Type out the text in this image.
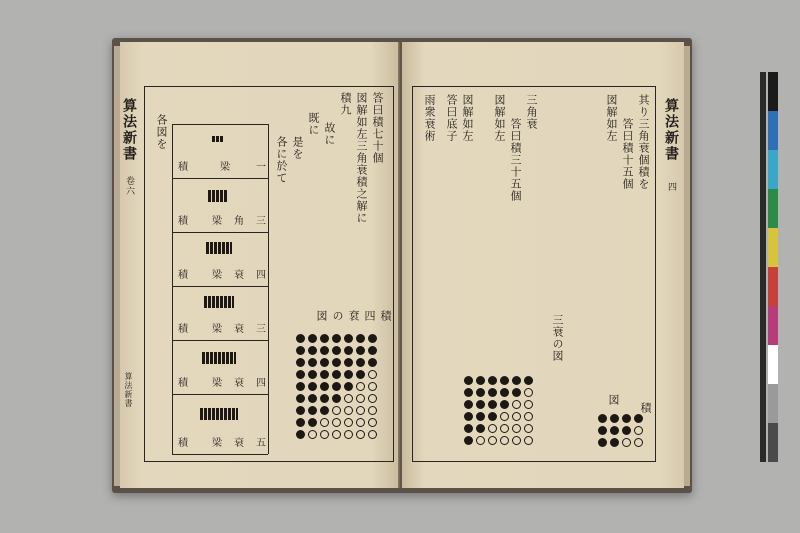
算法新書
卷六
算法新書
答曰積七十個
図解如左三角衰積之解に
積九
故に
既に
是を
各に於て
各図を
積	梁	一
積 梁 角 三
積 梁 衰 四
積 梁 衰 三
積 梁 衰 四
積 梁 衰 五
積
四
袞
の
図
算法新書
四
其り三角衰個積を
答曰積十五個
図解如左
三角衰
答曰積三十五個
図解如左
答曰底子 図解如左
雨衆衰術
積
三衰の図
図
